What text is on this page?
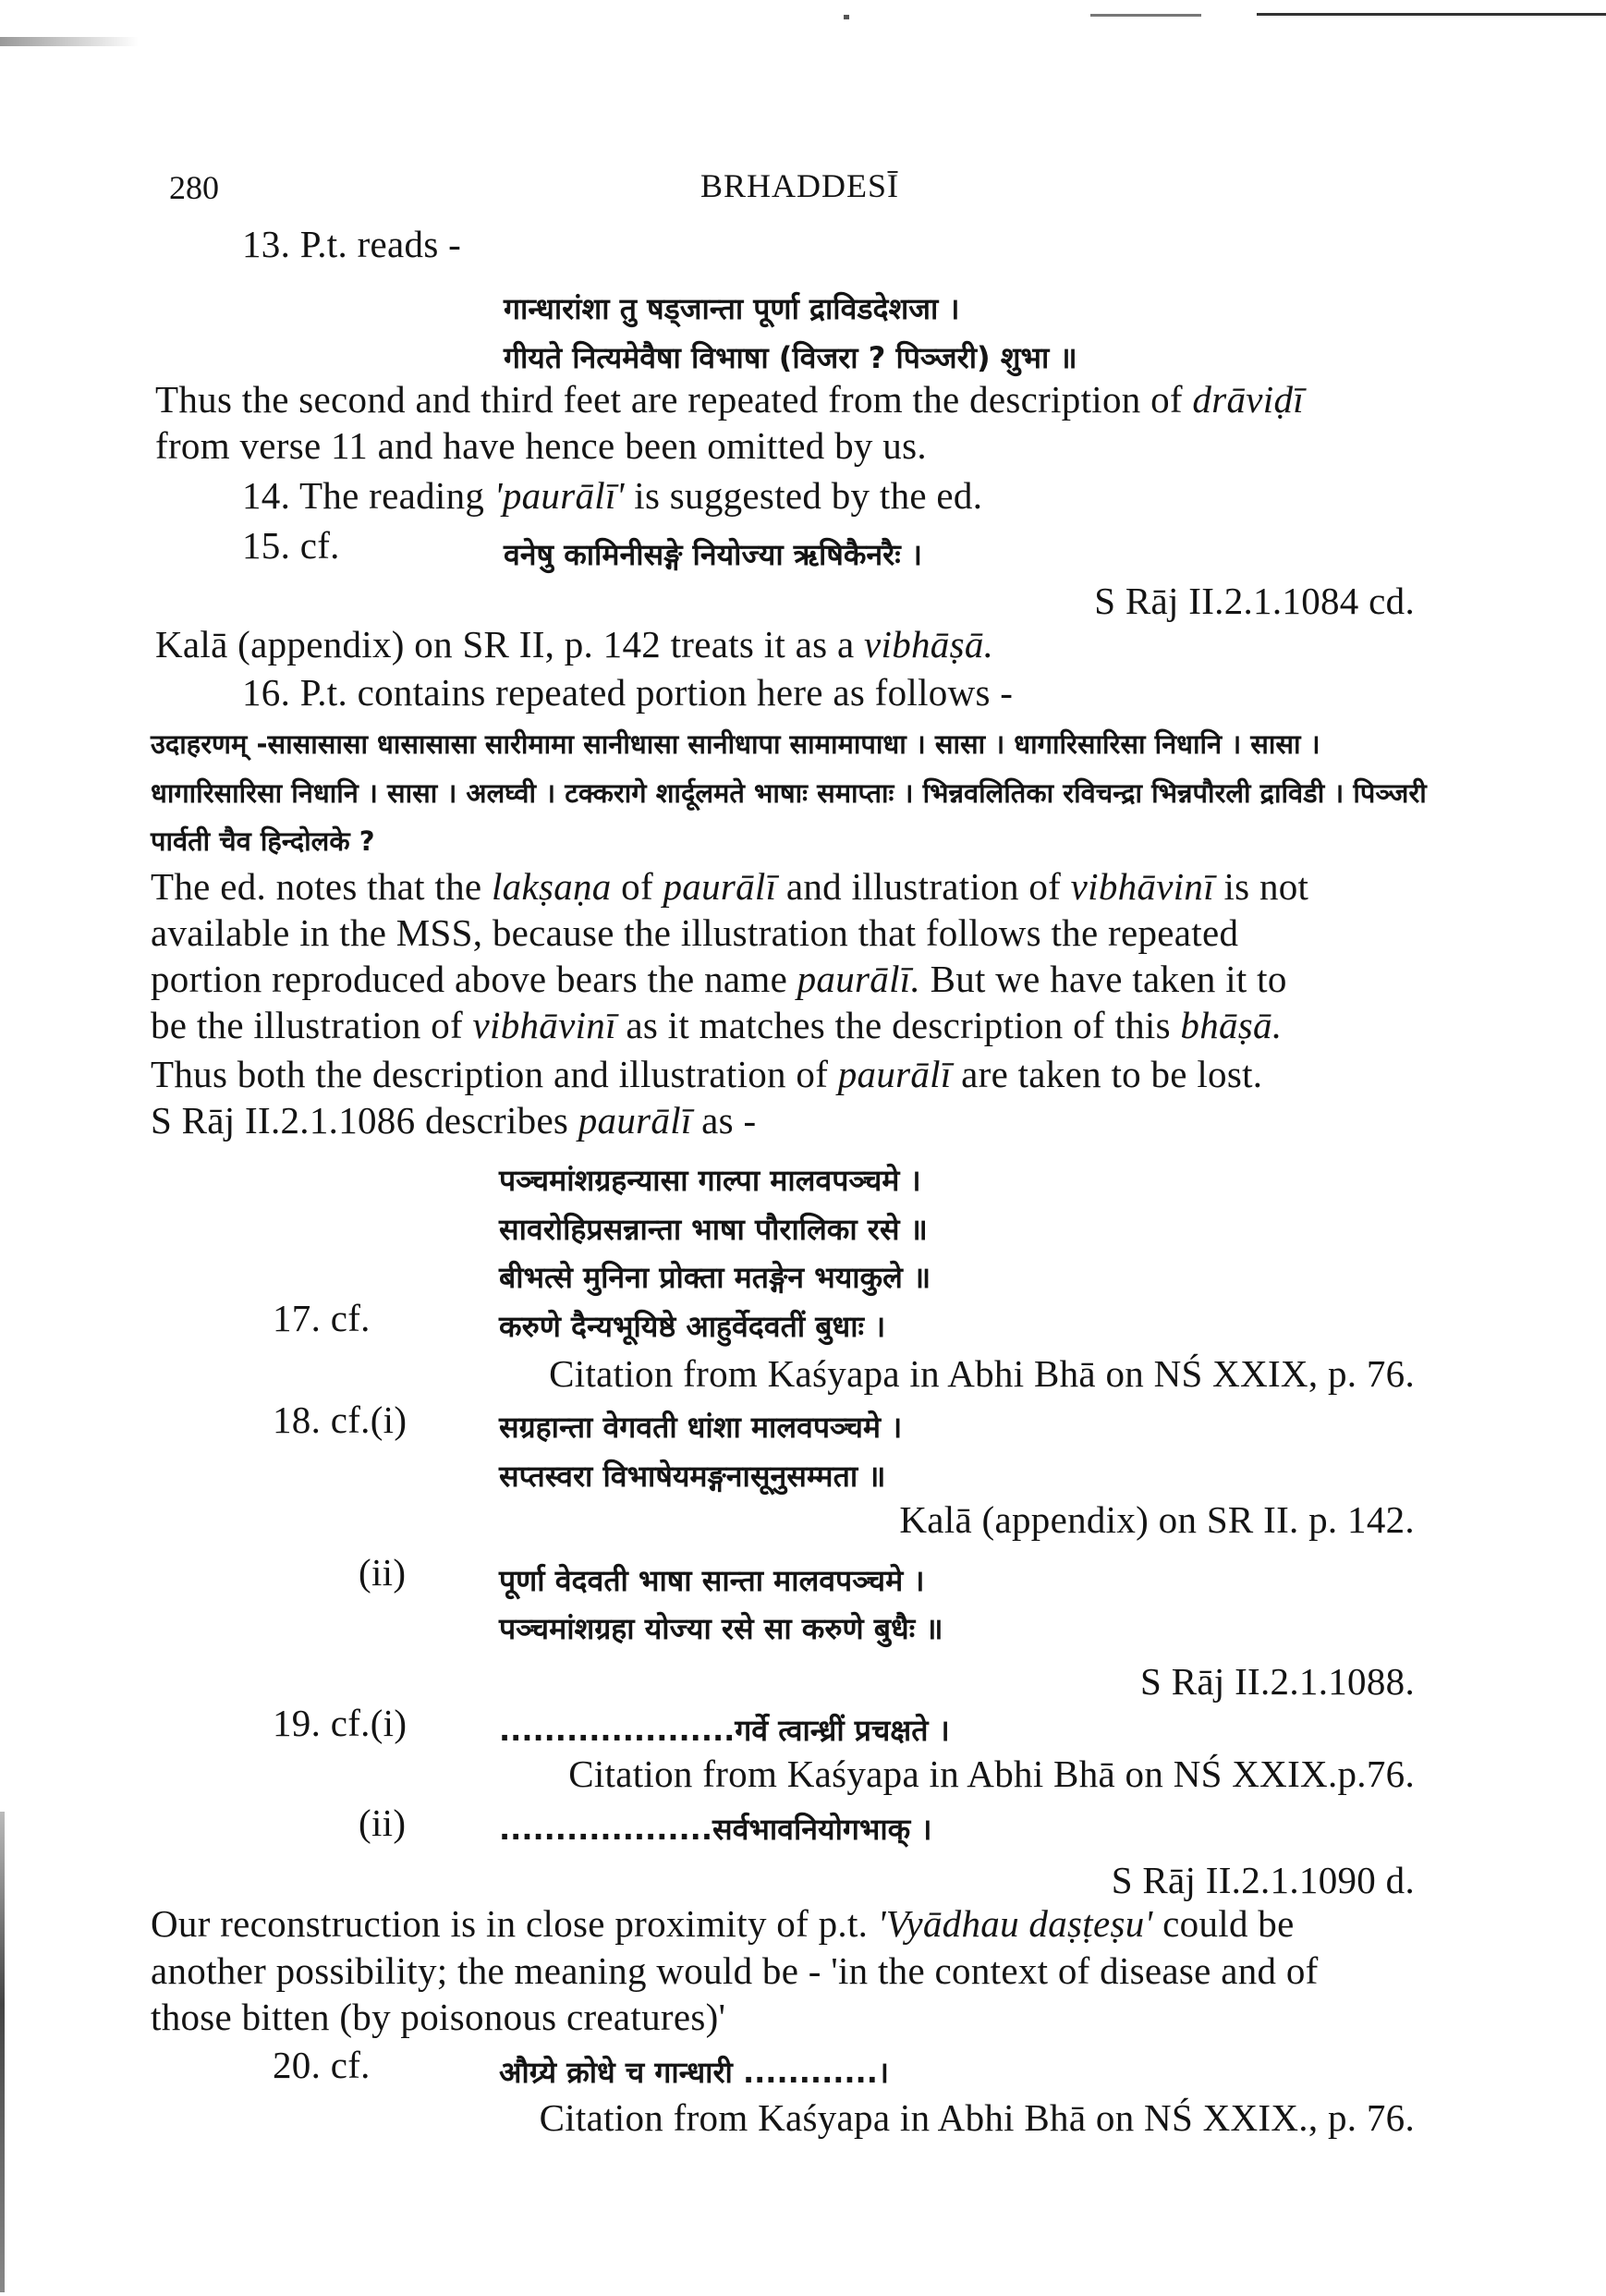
280	BRHADDESĪ
13. P.t. reads -
गान्धारांशा तु षड्जान्ता पूर्णा द्राविडदेशजा ।
गीयते नित्यमेवैषा विभाषा (विजरा ? पिञ्जरी) शुभा ॥
Thus the second and third feet are repeated from the description of drāviḍī
from verse 11 and have hence been omitted by us.
14. The reading 'paurālī' is suggested by the ed.
15. cf.	वनेषु कामिनीसङ्गे नियोज्या ऋषिकैनरैः ।
S Rāj II.2.1.1084 cd.
Kalā (appendix) on SR II, p. 142 treats it as a vibhāṣā.
16. P.t. contains repeated portion here as follows -
उदाहरणम् -सासासासा धासासासा सारीमामा सानीधासा सानीधापा सामामापाधा । सासा । धागारिसारिसा निधानि । सासा ।
धागारिसारिसा निधानि । सासा । अलघ्वी । टक्करागे शार्दूलमते भाषाः समाप्ताः । भिन्नवलितिका रविचन्द्रा भिन्नपौरली द्राविडी । पिञ्जरी
पार्वती चैव हिन्दोलके ?
The ed. notes that the lakṣaṇa of paurālī and illustration of vibhāvinī is not
available in the MSS, because the illustration that follows the repeated
portion reproduced above bears the name paurālī. But we have taken it to
be the illustration of vibhāvinī as it matches the description of this bhāṣā.
Thus both the description and illustration of paurālī are taken to be lost.
S Rāj II.2.1.1086 describes paurālī as -
पञ्चमांशग्रहन्यासा गाल्पा मालवपञ्चमे ।
सावरोहिप्रसन्नान्ता भाषा पौरालिका रसे ॥
बीभत्से मुनिना प्रोक्ता मतङ्गेन भयाकुले ॥
17. cf.	करुणे दैन्यभूयिष्ठे आहुर्वेदवतीं बुधाः ।
Citation from Kaśyapa in Abhi Bhā on NŚ XXIX, p. 76.
18. cf.(i)	सग्रहान्ता वेगवती धांशा मालवपञ्चमे ।
सप्तस्वरा विभाषेयमङ्गनासूनुसम्मता ॥
Kalā (appendix) on SR II. p. 142.
(ii)	पूर्णा वेदवती भाषा सान्ता मालवपञ्चमे ।
पञ्चमांशग्रहा योज्या रसे सा करुणे बुधैः ॥
S Rāj II.2.1.1088.
19. cf.(i)	.....................गर्वे त्वान्ध्रीं प्रचक्षते ।
Citation from Kaśyapa in Abhi Bhā on NŚ XXIX.p.76.
(ii)	...................सर्वभावनियोगभाक् ।
S Rāj II.2.1.1090 d.
Our reconstruction is in close proximity of p.t. 'Vyādhau daṣṭeṣu' could be
another possibility; the meaning would be - 'in the context of disease and of
those bitten (by poisonous creatures)'
20. cf.	औग्र्ये क्रोधे च गान्धारी ............।
Citation from Kaśyapa in Abhi Bhā on NŚ XXIX., p. 76.
